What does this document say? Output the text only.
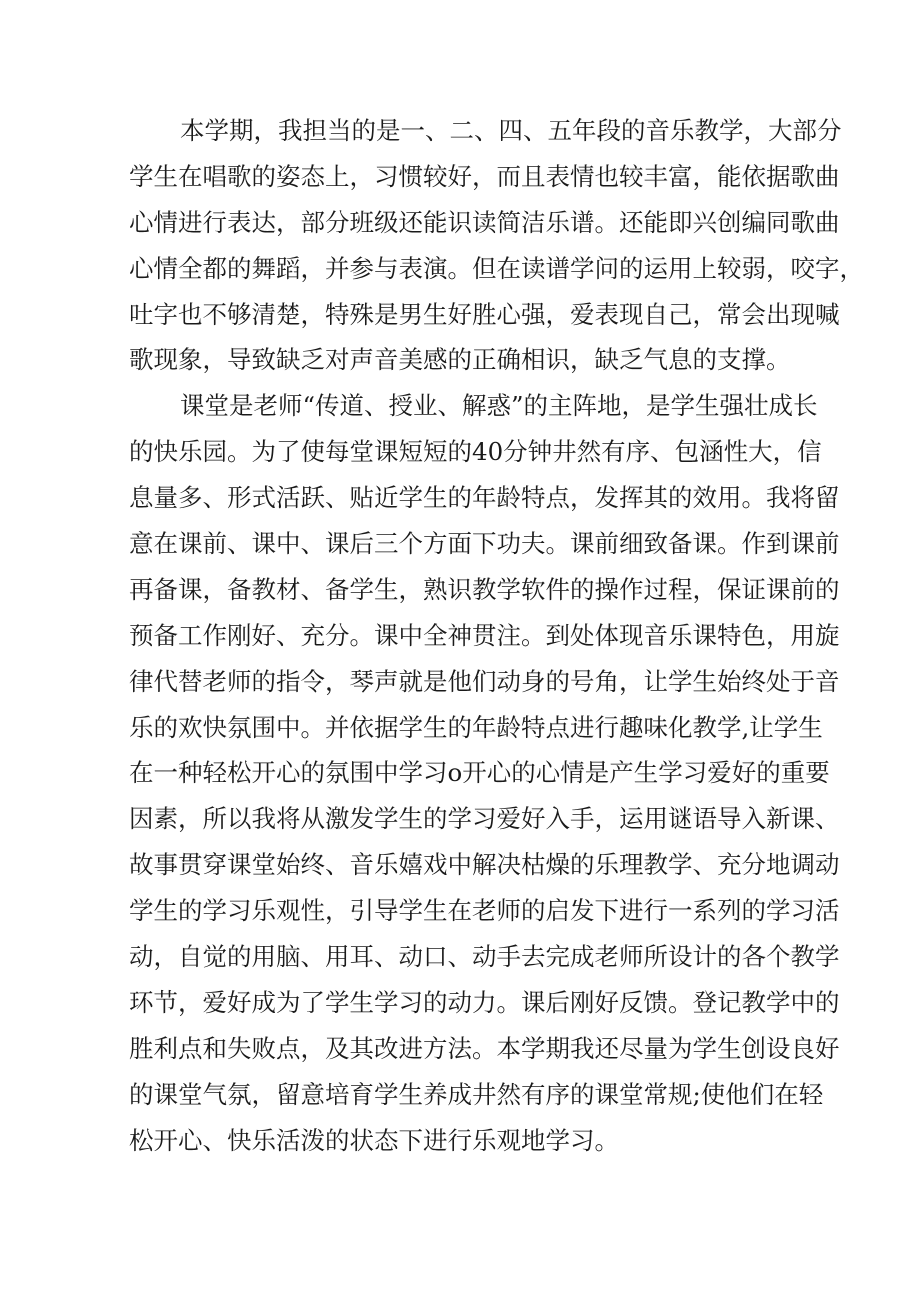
本学期，我担当的是一、二、四、五年段的音乐教学，大部分
学生在唱歌的姿态上，习惯较好，而且表情也较丰富，能依据歌曲
心情进行表达，部分班级还能识读简洁乐谱。还能即兴创编同歌曲
心情全都的舞蹈，并参与表演。但在读谱学问的运用上较弱，咬字，
吐字也不够清楚，特殊是男生好胜心强，爱表现自己，常会出现喊
歌现象，导致缺乏对声音美感的正确相识，缺乏气息的支撑。
课堂是老师“传道、授业、解惑”的主阵地，是学生强壮成长
的快乐园。为了使每堂课短短的40分钟井然有序、包涵性大，信
息量多、形式活跃、贴近学生的年龄特点，发挥其的效用。我将留
意在课前、课中、课后三个方面下功夫。课前细致备课。作到课前
再备课，备教材、备学生，熟识教学软件的操作过程，保证课前的
预备工作刚好、充分。课中全神贯注。到处体现音乐课特色，用旋
律代替老师的指令，琴声就是他们动身的号角，让学生始终处于音
乐的欢快氛围中。并依据学生的年龄特点进行趣味化教学,让学生
在一种轻松开心的氛围中学习o开心的心情是产生学习爱好的重要
因素，所以我将从激发学生的学习爱好入手，运用谜语导入新课、
故事贯穿课堂始终、音乐嬉戏中解决枯燥的乐理教学、充分地调动
学生的学习乐观性，引导学生在老师的启发下进行一系列的学习活
动，自觉的用脑、用耳、动口、动手去完成老师所设计的各个教学
环节，爱好成为了学生学习的动力。课后刚好反馈。登记教学中的
胜利点和失败点，及其改进方法。本学期我还尽量为学生创设良好
的课堂气氛，留意培育学生养成井然有序的课堂常规;使他们在轻
松开心、快乐活泼的状态下进行乐观地学习。
